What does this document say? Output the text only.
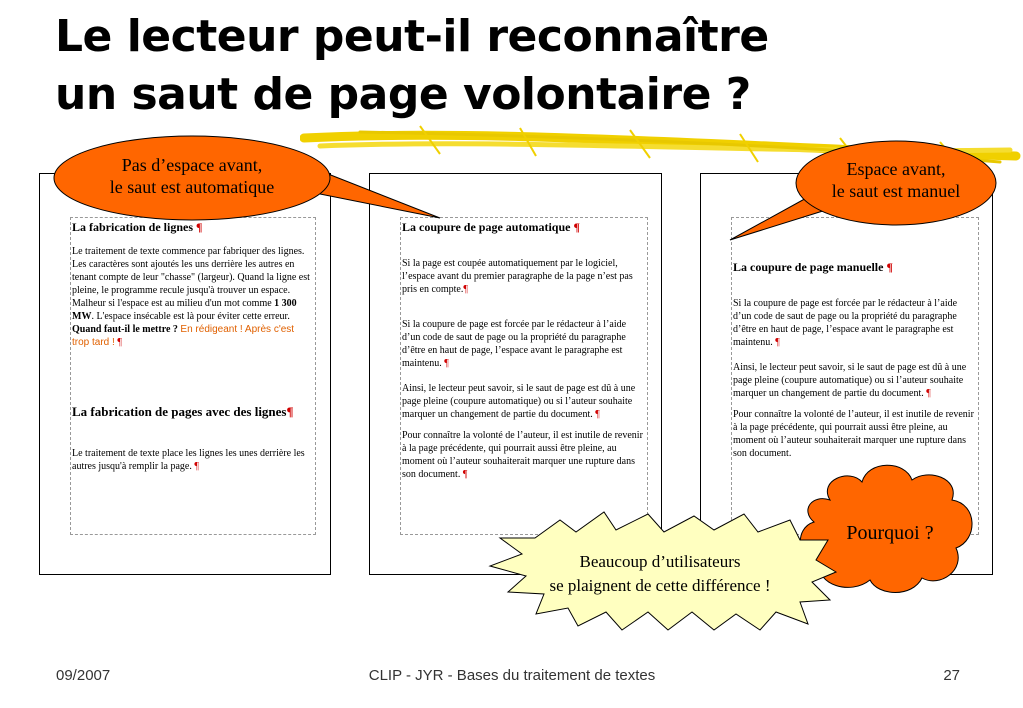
Le lecteur peut-il reconnaître
un saut de page volontaire ?

La fabrication de lignes ¶

Le traitement de texte commence par fabriquer des lignes. Les caractères sont ajoutés les uns derrière les autres en tenant compte de leur "chasse" (largeur). Quand la ligne est pleine, le programme recule jusqu'à trouver un espace. Malheur si l'espace est au milieu d'un mot comme 1 300 MW. L'espace insécable est là pour éviter cette erreur. Quand faut-il le mettre ? En rédigeant ! Après c'est trop tard ! ¶

La fabrication de pages avec des lignes¶

Le traitement de texte place les lignes les unes derrière les autres jusqu'à remplir la page. ¶

La coupure de page automatique ¶

Si la page est coupée automatiquement par le logiciel, l’espace avant du premier paragraphe de la page n’est pas pris en compte.¶

Si la coupure de page est forcée par le rédacteur à l’aide d’un code de saut de page ou la propriété du paragraphe d’être en haut de page, l’espace avant le paragraphe est maintenu. ¶

Ainsi, le lecteur peut savoir, si le saut de page est dû à une page pleine (coupure automatique) ou si l’auteur souhaite marquer un changement de partie du document. ¶

Pour connaître la volonté de l’auteur, il est inutile de revenir à la page précédente, qui pourrait aussi être pleine, au moment où l’auteur souhaiterait marquer une rupture dans son document. ¶

La coupure de page manuelle ¶

Si la coupure de page est forcée par le rédacteur à l’aide d’un code de saut de page ou la propriété du paragraphe d’être en haut de page, l’espace avant le paragraphe est maintenu. ¶

Ainsi, le lecteur peut savoir, si le saut de page est dû à une page pleine (coupure automatique) ou si l’auteur souhaite marquer un changement de partie du document. ¶

Pour connaître la volonté de l’auteur, il est inutile de revenir à la page précédente, qui pourrait aussi être pleine, au moment où l’auteur souhaiterait marquer une rupture dans son document.

Pas d’espace avant,
le saut est automatique
Espace avant,
le saut est manuel
Pourquoi ?
Beaucoup d’utilisateurs
se plaignent de cette différence !
09/2007	CLIP - JYR - Bases du traitement de textes	27
